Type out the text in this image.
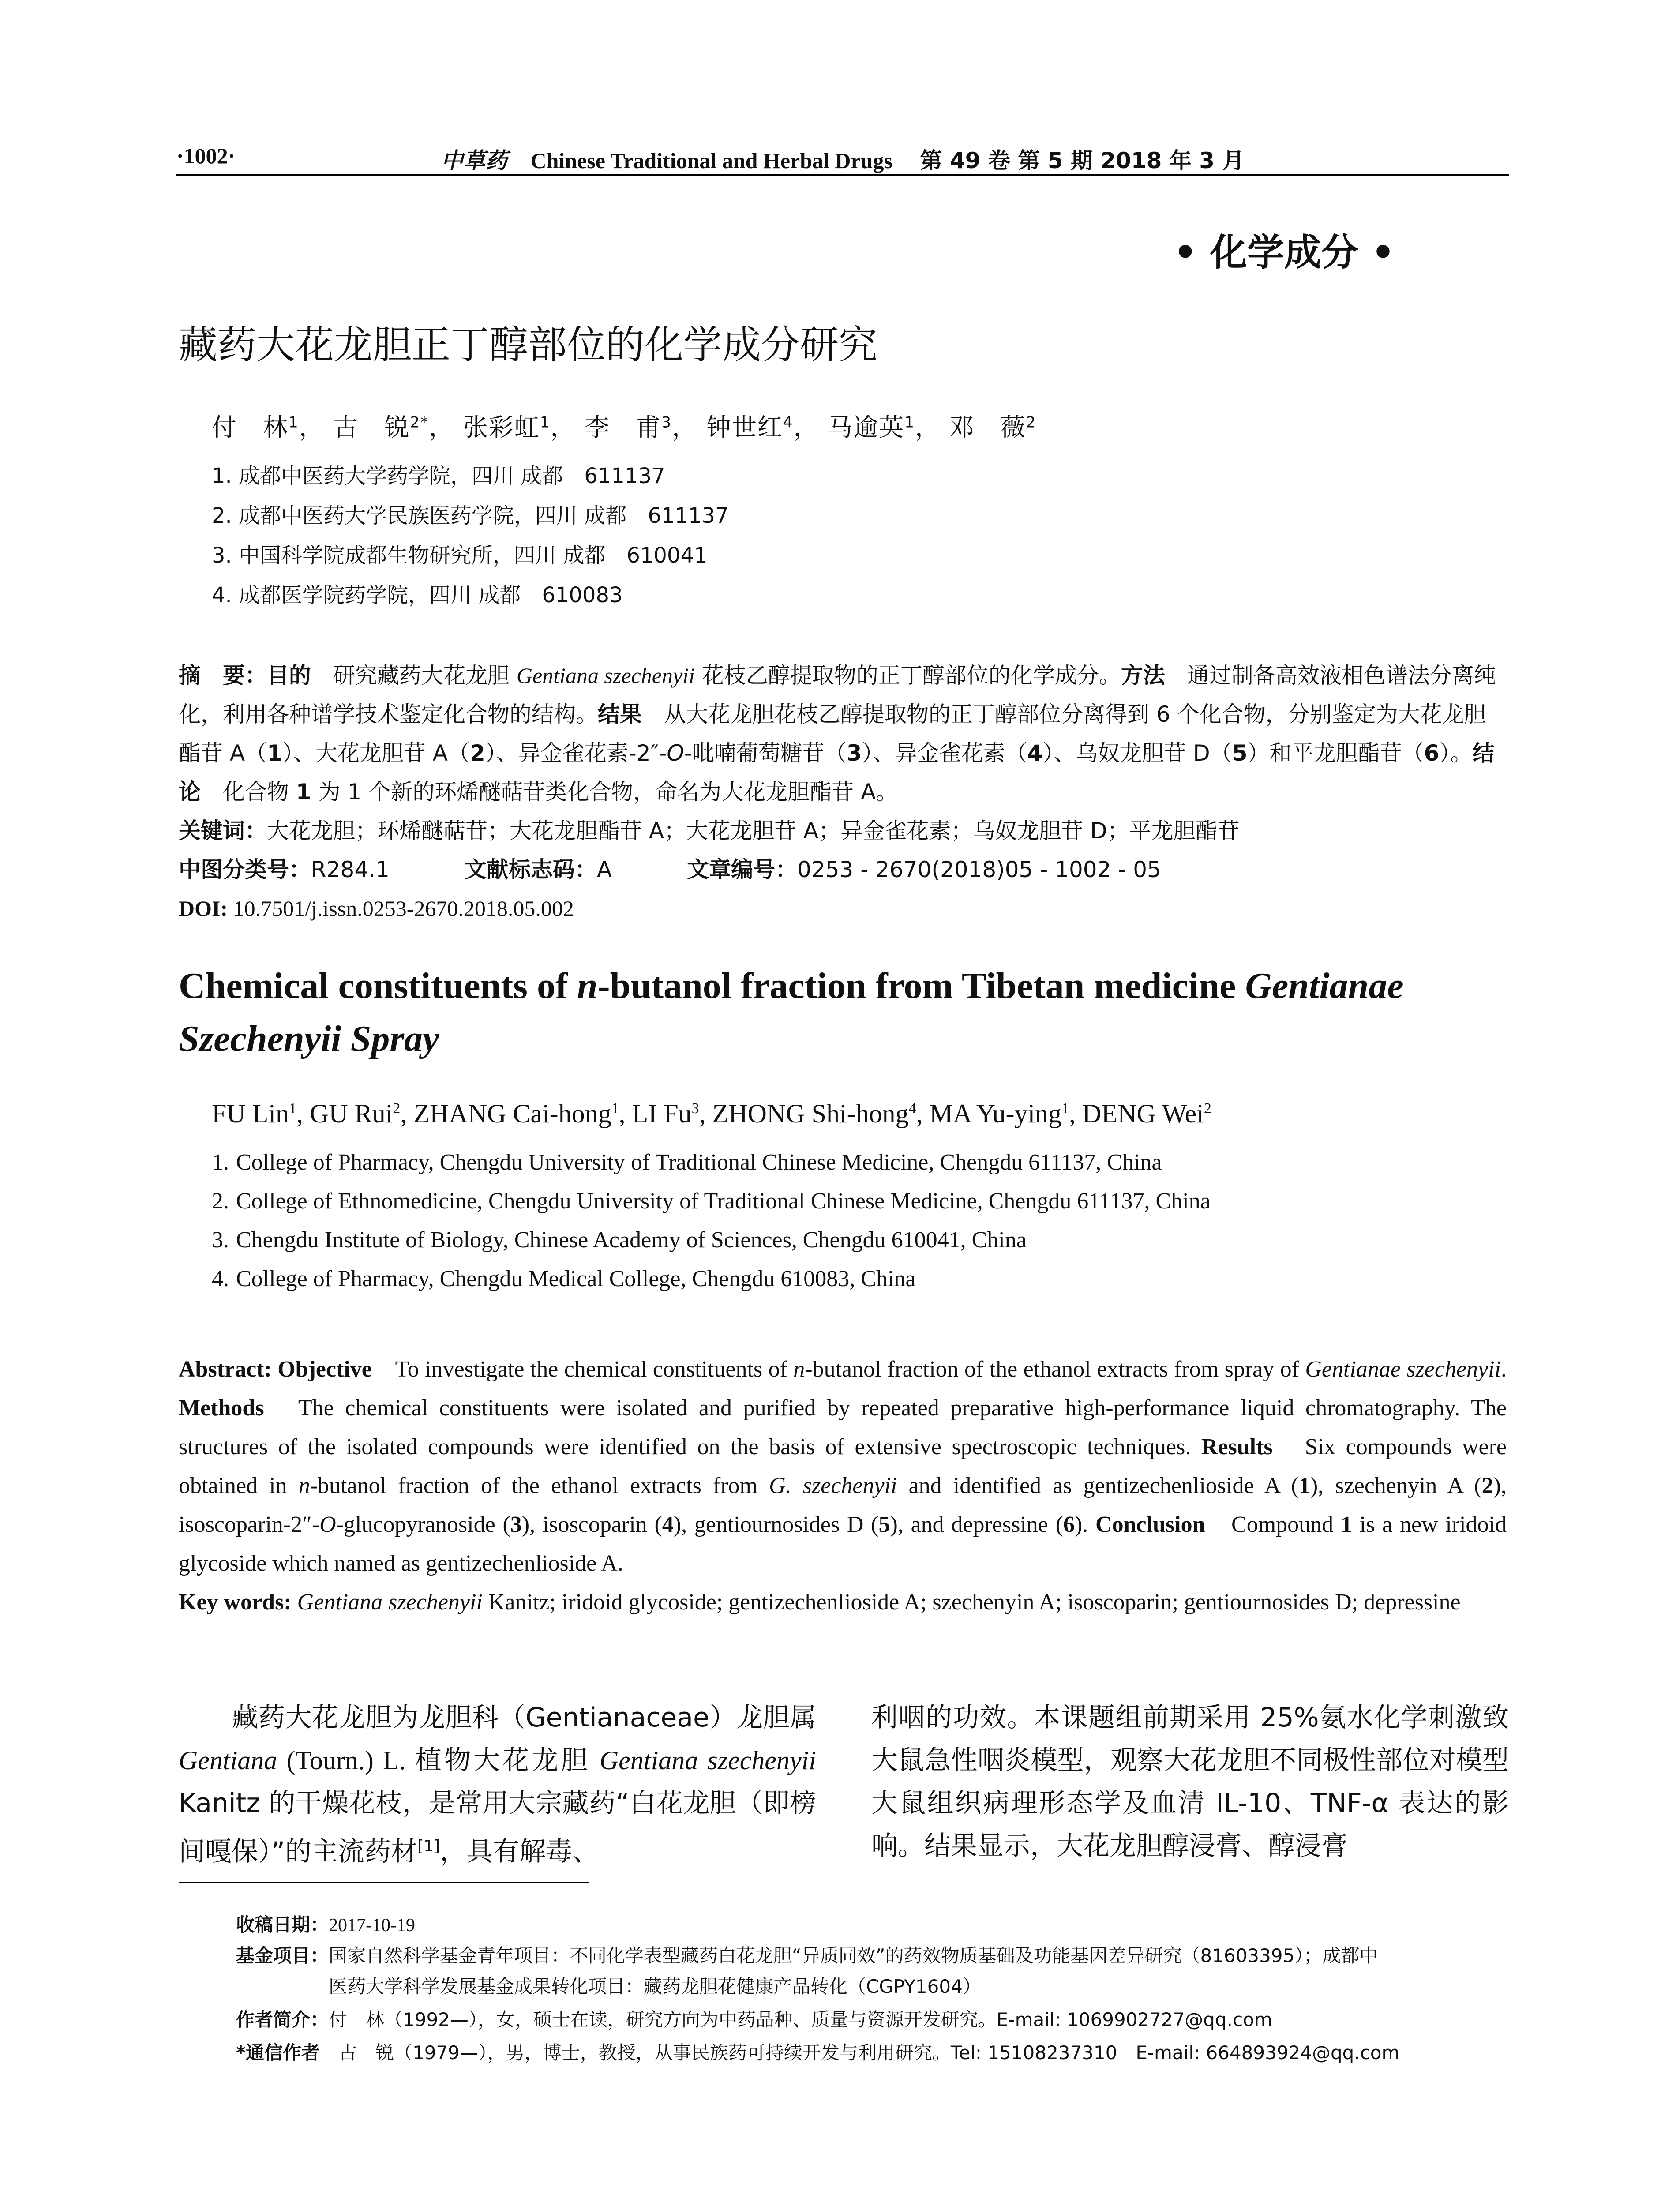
·1002·	中草药 Chinese Traditional and Herbal Drugs 第 49 卷 第 5 期 2018 年 3 月
• 化学成分 •
藏药大花龙胆正丁醇部位的化学成分研究
付　林$^1$， 古　锐$^{2*}$， 张彩虹$^1$， 李　甫$^3$， 钟世红$^4$， 马逾英$^1$， 邓　薇$^2$
1. 成都中医药大学药学院，四川 成都　611137
2. 成都中医药大学民族医药学院，四川 成都　611137
3. 中国科学院成都生物研究所，四川 成都　610041
4. 成都医学院药学院，四川 成都　610083

摘　要：目的　研究藏药大花龙胆 Gentiana szechenyii 花枝乙醇提取物的正丁醇部位的化学成分。方法　通过制备高效液相色谱法分离纯化，利用各种谱学技术鉴定化合物的结构。结果　从大花龙胆花枝乙醇提取物的正丁醇部位分离得到 6 个化合物，分别鉴定为大花龙胆酯苷 A（1）、大花龙胆苷 A（2）、异金雀花素-2″-O-吡喃葡萄糖苷（3）、异金雀花素（4）、乌奴龙胆苷 D（5）和平龙胆酯苷（6）。结论　化合物 1 为 1 个新的环烯醚萜苷类化合物，命名为大花龙胆酯苷 A。

关键词：大花龙胆；环烯醚萜苷；大花龙胆酯苷 A；大花龙胆苷 A；异金雀花素；乌奴龙胆苷 D；平龙胆酯苷

中图分类号：R284.1	文献标志码：A	文章编号：0253 - 2670(2018)05 - 1002 - 05

DOI: 10.7501/j.issn.0253-2670.2018.05.002

Chemical constituents of n-butanol fraction from Tibetan medicine Gentianae Szechenyii Spray
FU Lin$^1$, GU Rui$^2$, ZHANG Cai-hong$^1$, LI Fu$^3$, ZHONG Shi-hong$^4$, MA Yu-ying$^1$, DENG Wei$^2$
1. College of Pharmacy, Chengdu University of Traditional Chinese Medicine, Chengdu 611137, China
2. College of Ethnomedicine, Chengdu University of Traditional Chinese Medicine, Chengdu 611137, China
3. Chengdu Institute of Biology, Chinese Academy of Sciences, Chengdu 610041, China
4. College of Pharmacy, Chengdu Medical College, Chengdu 610083, China

Abstract: Objective　To investigate the chemical constituents of n-butanol fraction of the ethanol extracts from spray of Gentianae szechenyii. Methods　The chemical constituents were isolated and purified by repeated preparative high-performance liquid chromatography. The structures of the isolated compounds were identified on the basis of extensive spectroscopic techniques. Results　Six compounds were obtained in n-butanol fraction of the ethanol extracts from G. szechenyii and identified as gentizechenlioside A (1), szechenyin A (2), isoscoparin-2″-O-glucopyranoside (3), isoscoparin (4), gentiournosides D (5), and depressine (6). Conclusion　Compound 1 is a new iridoid glycoside which named as gentizechenlioside A.

Key words: Gentiana szechenyii Kanitz; iridoid glycoside; gentizechenlioside A; szechenyin A; isoscoparin; gentiournosides D; depressine

藏药大花龙胆为龙胆科（Gentianaceae）龙胆属 Gentiana (Tourn.) L. 植物大花龙胆 Gentiana szechenyii Kanitz 的干燥花枝，是常用大宗藏药“白花龙胆（即榜间嘎保）”的主流药材[1]，具有解毒、

利咽的功效。本课题组前期采用 25%氨水化学刺激致大鼠急性咽炎模型，观察大花龙胆不同极性部位对模型大鼠组织病理形态学及血清 IL-10、TNF-α 表达的影响。结果显示，大花龙胆醇浸膏、醇浸膏

收稿日期：2017-10-19
基金项目：国家自然科学基金青年项目：不同化学表型藏药白花龙胆“异质同效”的药效物质基础及功能基因差异研究（81603395）；成都中
医药大学科学发展基金成果转化项目：藏药龙胆花健康产品转化（CGPY1604）
作者简介：付　林（1992—），女，硕士在读，研究方向为中药品种、质量与资源开发研究。E-mail: 1069902727@qq.com
*通信作者　古　锐（1979—），男，博士，教授，从事民族药可持续开发与利用研究。Tel: 15108237310　E-mail: 664893924@qq.com
